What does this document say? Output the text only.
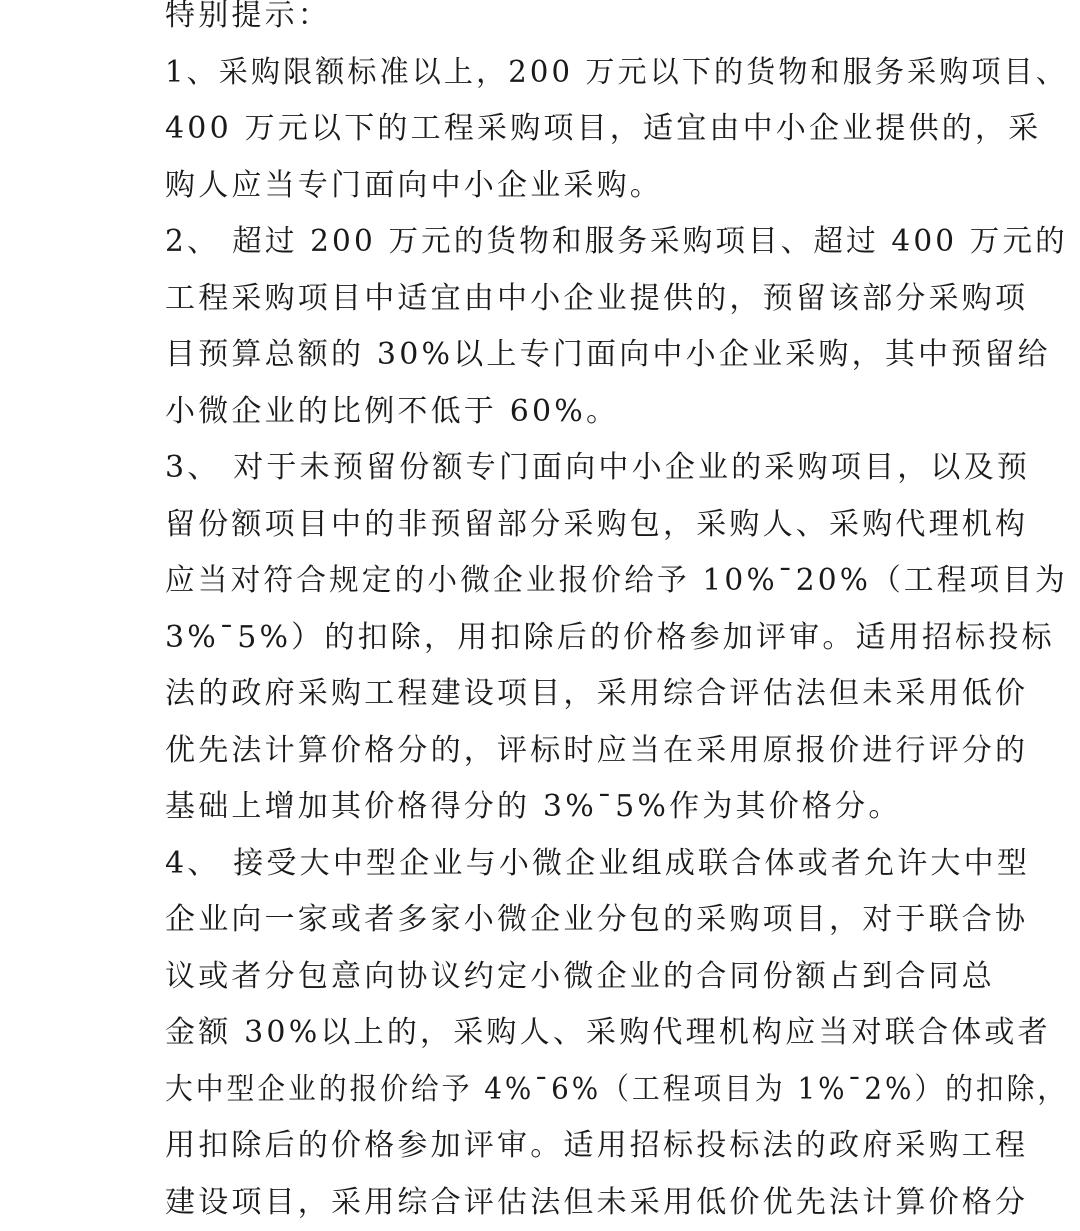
特别提示：
1、采购限额标准以上，200 万元以下的货物和服务采购项目、
400 万元以下的工程采购项目，适宜由中小企业提供的，采
购人应当专门面向中小企业采购。
2、 超过 200 万元的货物和服务采购项目、超过 400 万元的
工程采购项目中适宜由中小企业提供的，预留该部分采购项
目预算总额的 30%以上专门面向中小企业采购，其中预留给
小微企业的比例不低于 60%。
3、 对于未预留份额专门面向中小企业的采购项目，以及预
留份额项目中的非预留部分采购包，采购人、采购代理机构
应当对符合规定的小微企业报价给予 10%¯20%（工程项目为
3%¯5%）的扣除，用扣除后的价格参加评审。适用招标投标
法的政府采购工程建设项目，采用综合评估法但未采用低价
优先法计算价格分的，评标时应当在采用原报价进行评分的
基础上增加其价格得分的 3%¯5%作为其价格分。
4、 接受大中型企业与小微企业组成联合体或者允许大中型
企业向一家或者多家小微企业分包的采购项目，对于联合协
议或者分包意向协议约定小微企业的合同份额占到合同总
金额 30%以上的，采购人、采购代理机构应当对联合体或者
大中型企业的报价给予 4%¯6%（工程项目为 1%¯2%）的扣除，
用扣除后的价格参加评审。适用招标投标法的政府采购工程
建设项目，采用综合评估法但未采用低价优先法计算价格分
